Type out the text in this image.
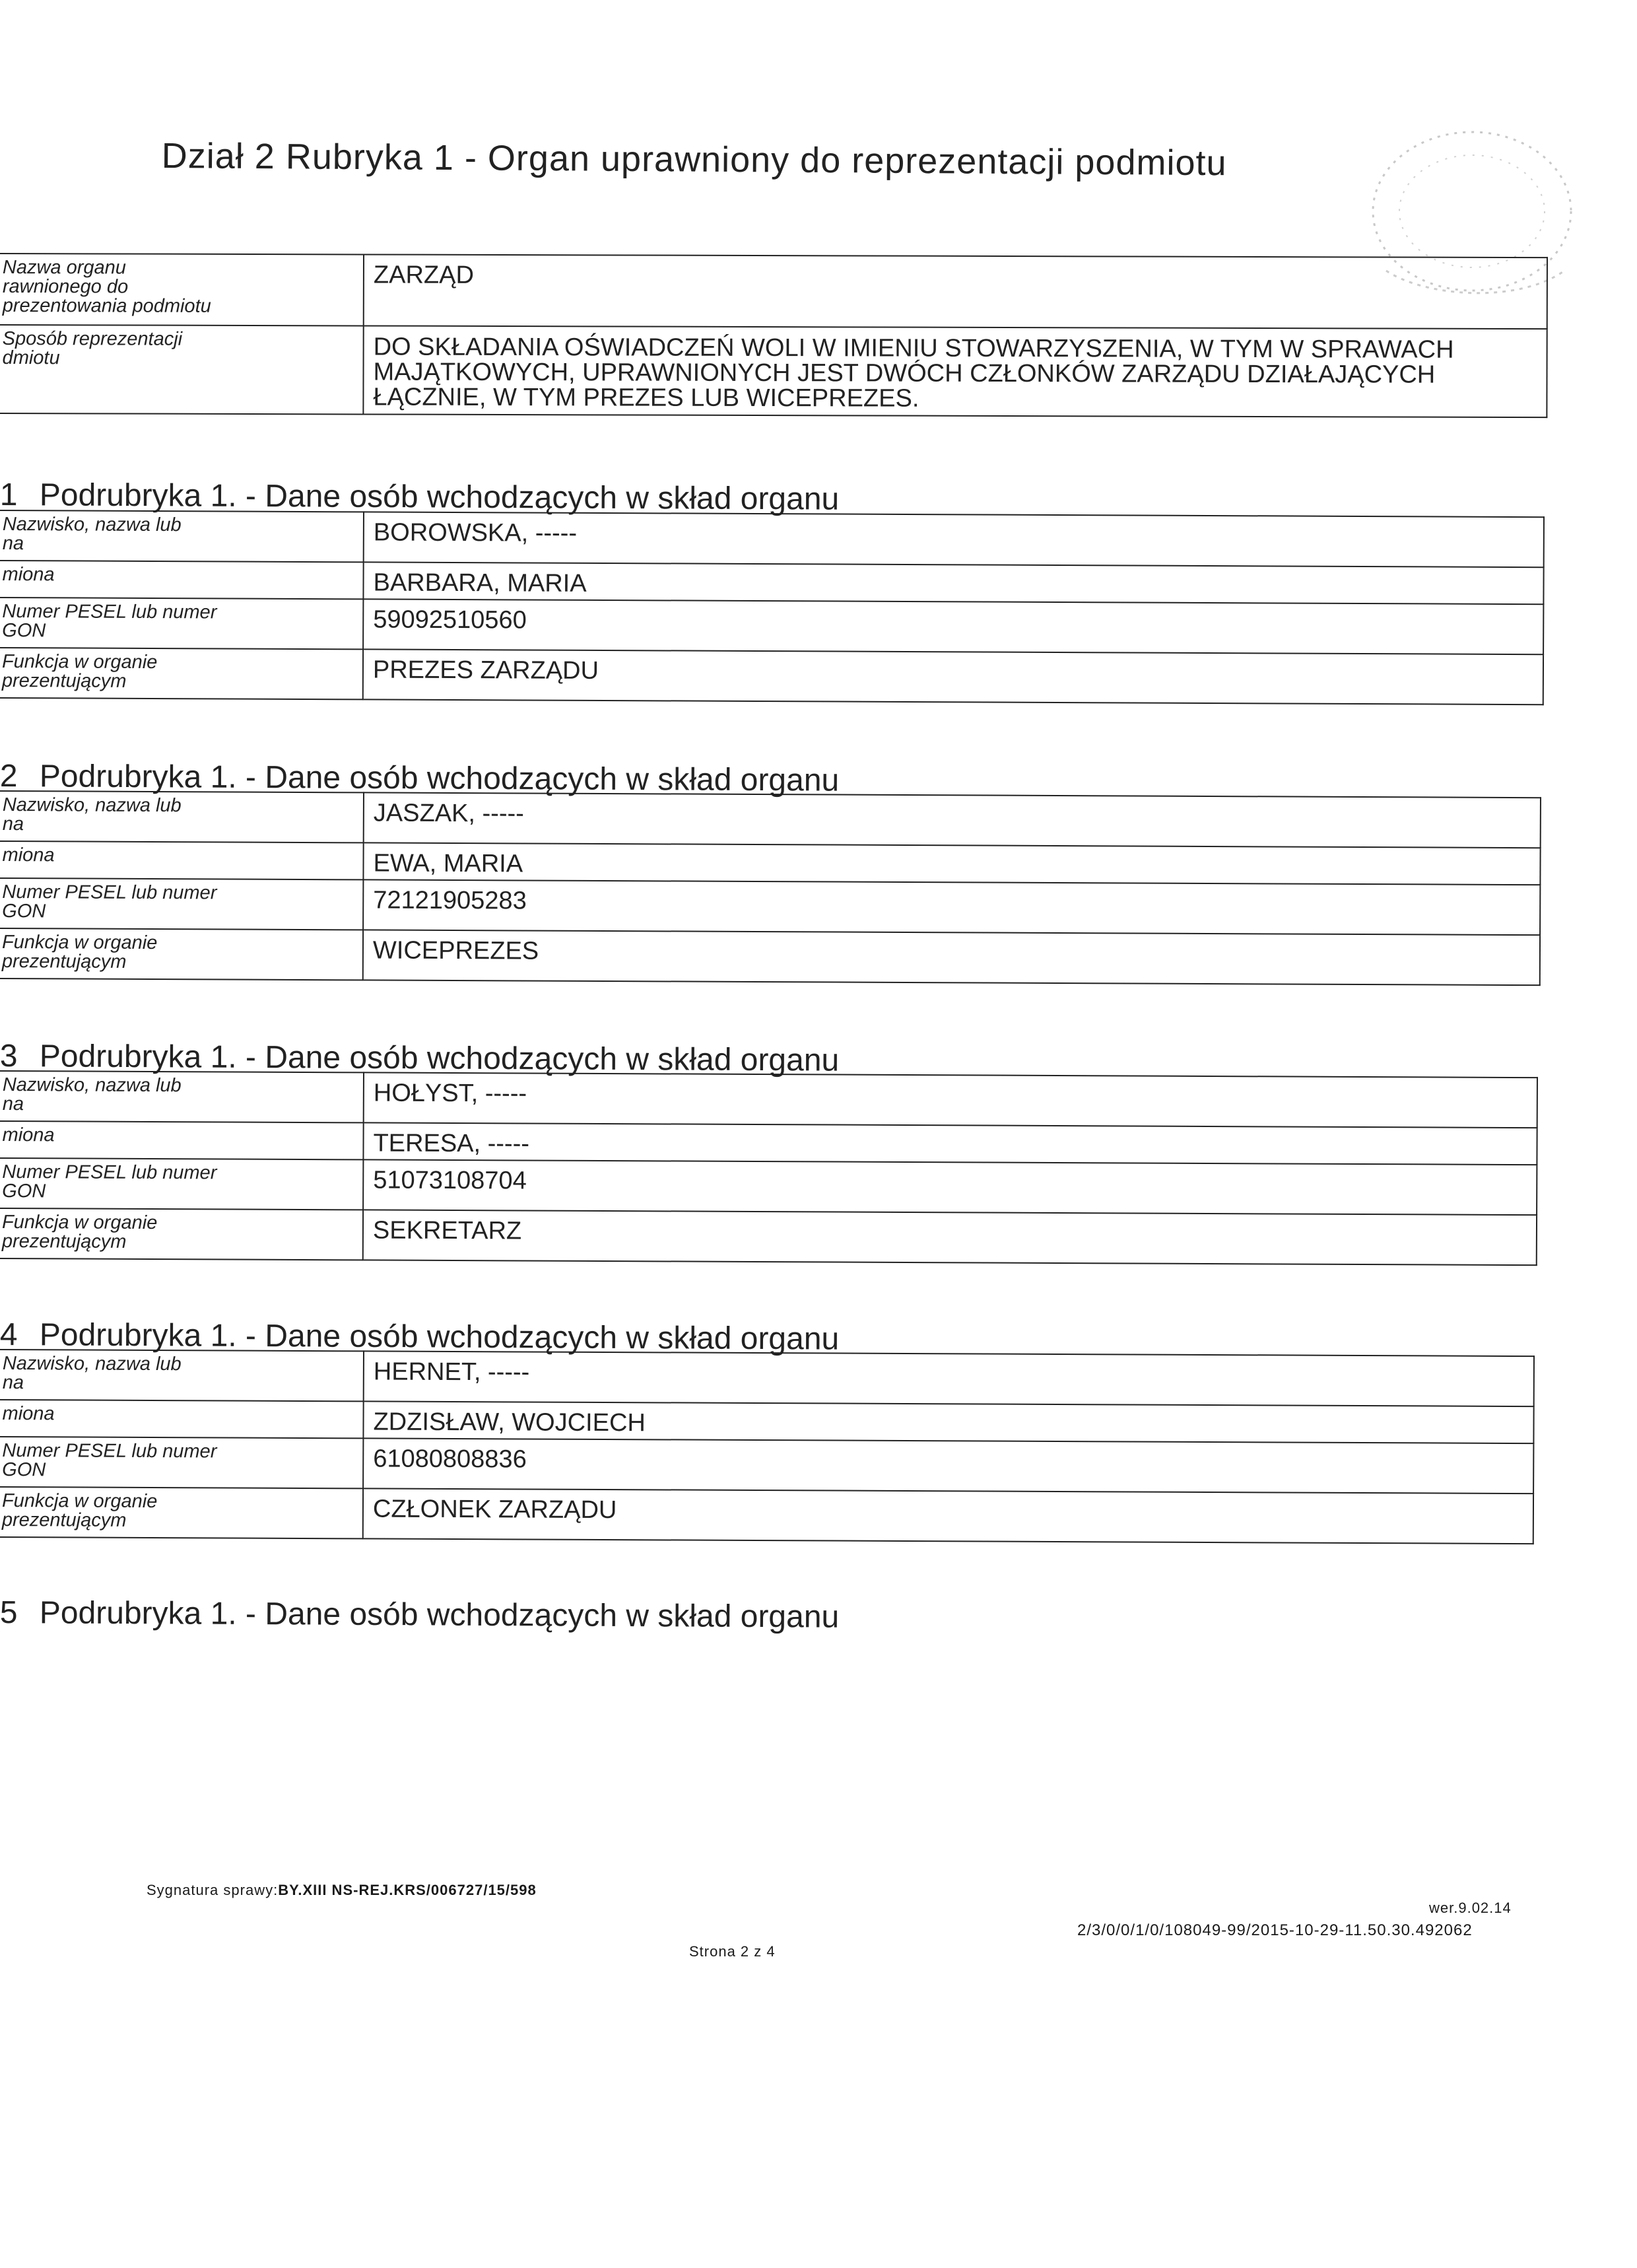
Dział 2 Rubryka 1 - Organ uprawniony do reprezentacji podmiotu
Nazwa organu
rawnionego do
prezentowania podmiotu	ZARZĄD
Sposób reprezentacji
dmiotu	DO SKŁADANIA OŚWIADCZEŃ WOLI W IMIENIU STOWARZYSZENIA, W TYM W SPRAWACH MAJĄTKOWYCH, UPRAWNIONYCH JEST DWÓCH CZŁONKÓW ZARZĄDU DZIAŁAJĄCYCH ŁĄCZNIE, W TYM PREZES LUB WICEPREZES.
1 Podrubryka 1. - Dane osób wchodzących w skład organu
Nazwisko, nazwa lub
na	BOROWSKA, -----
miona	BARBARA, MARIA
Numer PESEL lub numer
GON	59092510560
Funkcja w organie
prezentującym	PREZES ZARZĄDU
2 Podrubryka 1. - Dane osób wchodzących w skład organu
Nazwisko, nazwa lub
na	JASZAK, -----
miona	EWA, MARIA
Numer PESEL lub numer
GON	72121905283
Funkcja w organie
prezentującym	WICEPREZES
3 Podrubryka 1. - Dane osób wchodzących w skład organu
Nazwisko, nazwa lub
na	HOŁYST, -----
miona	TERESA, -----
Numer PESEL lub numer
GON	51073108704
Funkcja w organie
prezentującym	SEKRETARZ
4 Podrubryka 1. - Dane osób wchodzących w skład organu
Nazwisko, nazwa lub
na	HERNET, -----
miona	ZDZISŁAW, WOJCIECH
Numer PESEL lub numer
GON	61080808836
Funkcja w organie
prezentującym	CZŁONEK ZARZĄDU
5 Podrubryka 1. - Dane osób wchodzących w skład organu
Sygnatura sprawy:BY.XIII NS-REJ.KRS/006727/15/598
wer.9.02.14
2/3/0/0/1/0/108049-99/2015-10-29-11.50.30.492062
Strona 2 z 4
